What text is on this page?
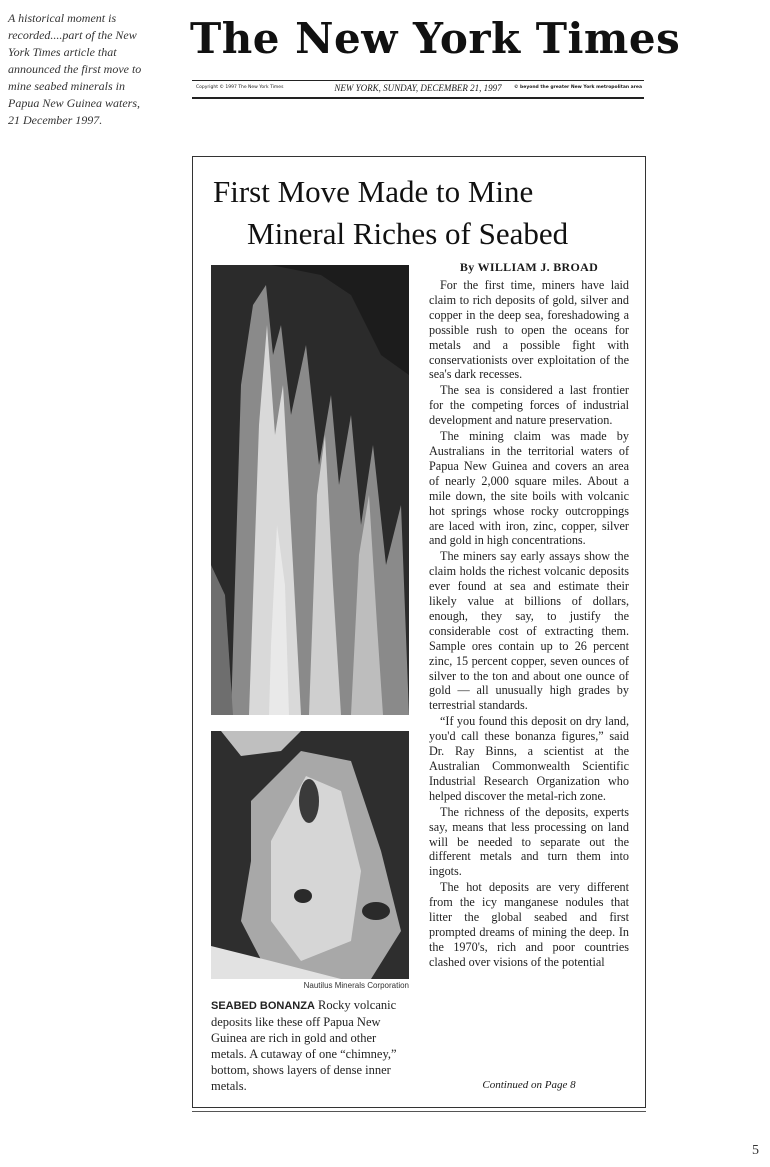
A historical moment is recorded....part of the New York Times article that announced the first move to mine seabed minerals in Papua New Guinea waters, 21 December 1997.
The New York Times
Copyright © 1997 The New York Times	NEW YORK, SUNDAY, DECEMBER 21, 1997	© beyond the greater New York metropolitan area
First Move Made to Mine
Mineral Riches of Seabed
Nautilus Minerals Corporation
SEABED BONANZA Rocky volcanic deposits like these off Papua New Guinea are rich in gold and other metals. A cutaway of one “chimney,” bottom, shows layers of dense inner metals.
By WILLIAM J. BROAD

For the first time, miners have laid claim to rich deposits of gold, silver and copper in the deep sea, foreshadowing a possible rush to open the oceans for metals and a possible fight with conservationists over exploitation of the sea's dark recesses.

The sea is considered a last frontier for the competing forces of industrial development and nature preservation.

The mining claim was made by Australians in the territorial waters of Papua New Guinea and covers an area of nearly 2,000 square miles. About a mile down, the site boils with volcanic hot springs whose rocky outcroppings are laced with iron, zinc, copper, silver and gold in high concentrations.

The miners say early assays show the claim holds the richest volcanic deposits ever found at sea and estimate their likely value at billions of dollars, enough, they say, to justify the considerable cost of extracting them. Sample ores contain up to 26 percent zinc, 15 percent copper, seven ounces of silver to the ton and about one ounce of gold — all unusually high grades by terrestrial standards.

“If you found this deposit on dry land, you'd call these bonanza figures,” said Dr. Ray Binns, a scientist at the Australian Commonwealth Scientific Industrial Research Organization who helped discover the metal-rich zone.

The richness of the deposits, experts say, means that less processing on land will be needed to separate out the different metals and turn them into ingots.

The hot deposits are very different from the icy manganese nodules that litter the global seabed and first prompted dreams of mining the deep. In the 1970's, rich and poor countries clashed over visions of the potential

Continued on Page 8
5
